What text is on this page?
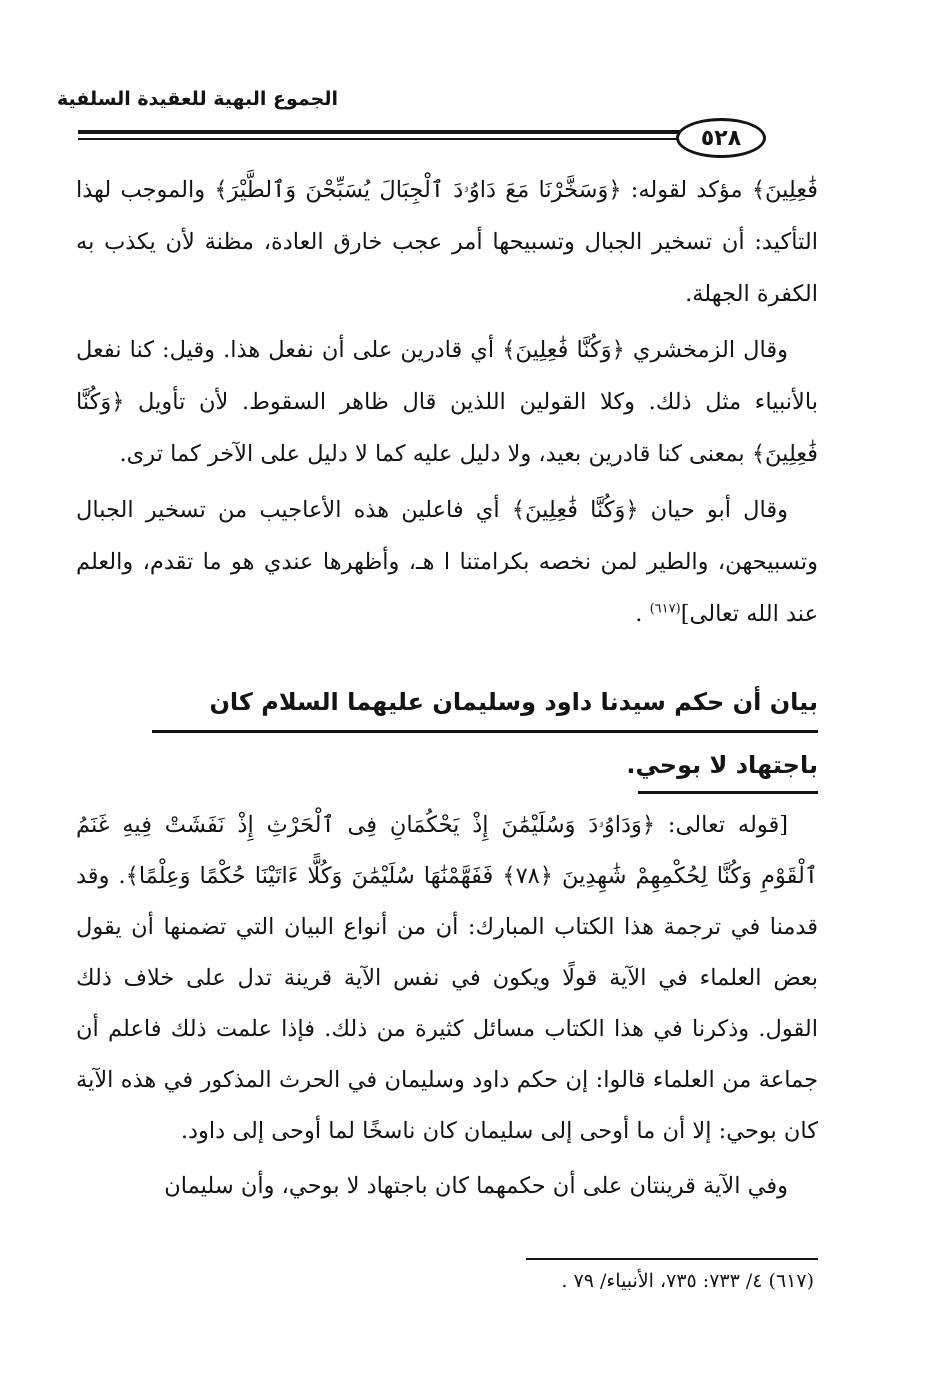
الجموع البهية للعقيدة السلفية
٥٢٨

فَٰعِلِينَ﴾ مؤكد لقوله: ﴿وَسَخَّرْنَا مَعَ دَاوُۥدَ ٱلْجِبَالَ يُسَبِّحْنَ وَٱلطَّيْرَ﴾ والموجب لهذا التأكيد: أن تسخير الجبال وتسبيحها أمر عجب خارق العادة، مظنة لأن يكذب به الكفرة الجهلة.

وقال الزمخشري ﴿وَكُنَّا فَٰعِلِينَ﴾ أي قادرين على أن نفعل هذا. وقيل: كنا نفعل بالأنبياء مثل ذلك. وكلا القولين اللذين قال ظاهر السقوط. لأن تأويل ﴿وَكُنَّا فَٰعِلِينَ﴾ بمعنى كنا قادرين بعيد، ولا دليل عليه كما لا دليل على الآخر كما ترى.

وقال أبو حيان ﴿وَكُنَّا فَٰعِلِينَ﴾ أي فاعلين هذه الأعاجيب من تسخير الجبال وتسبيحهن، والطير لمن نخصه بكرامتنا ا هـ، وأظهرها عندي هو ما تقدم، والعلم عند الله تعالى]$^{(٦١٧)}$ .

بيان أن حكم سيدنا داود وسليمان عليهما السلام كان
باجتهاد لا بوحي.

[قوله تعالى: ﴿وَدَاوُۥدَ وَسُلَيْمَٰنَ إِذْ يَحْكُمَانِ فِى ٱلْحَرْثِ إِذْ نَفَشَتْ فِيهِ غَنَمُ ٱلْقَوْمِ وَكُنَّا لِحُكْمِهِمْ شَٰهِدِينَ ﴿٧٨﴾ فَفَهَّمْنَٰهَا سُلَيْمَٰنَ وَكُلًّا ءَاتَيْنَا حُكْمًا وَعِلْمًا﴾. وقد قدمنا في ترجمة هذا الكتاب المبارك: أن من أنواع البيان التي تضمنها أن يقول بعض العلماء في الآية قولًا ويكون في نفس الآية قرينة تدل على خلاف ذلك القول. وذكرنا في هذا الكتاب مسائل كثيرة من ذلك. فإذا علمت ذلك فاعلم أن جماعة من العلماء قالوا: إن حكم داود وسليمان في الحرث المذكور في هذه الآية كان بوحي: إلا أن ما أوحى إلى سليمان كان ناسخًا لما أوحى إلى داود.

وفي الآية قرينتان على أن حكمهما كان باجتهاد لا بوحي، وأن سليمان

(٦١٧) ٤/ ٧٣٣: ٧٣٥، الأنبياء/ ٧٩ .
